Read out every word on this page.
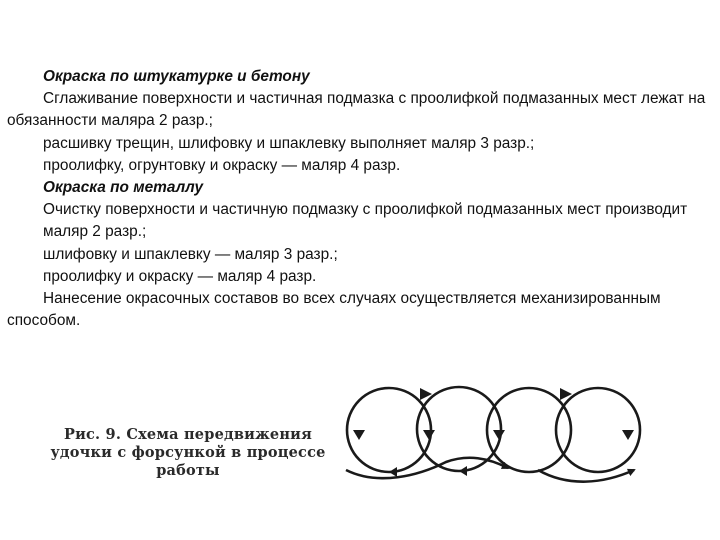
Окраска по штукатурке и бетону

Сглаживание поверхности и частичная подмазка с проолифкой подмазанных мест лежат на обязанности маляра 2 разр.;

расшивку трещин, шлифовку и шпаклевку выполняет маляр 3 разр.;

проолифку, огрунтовку и окраску — маляр 4 разр.

Окраска по металлу

Очистку поверхности и частичную подмазку с проолифкой подмазанных мест производит

маляр 2 разр.;

шлифовку и шпаклевку — маляр 3 разр.;

проолифку и окраску — маляр 4 разр.

Нанесение окрасочных составов во всех случаях осуществляется механизированным способом.

Рис. 9. Схема передвижения
удочки с форсункой в процессе
работы
